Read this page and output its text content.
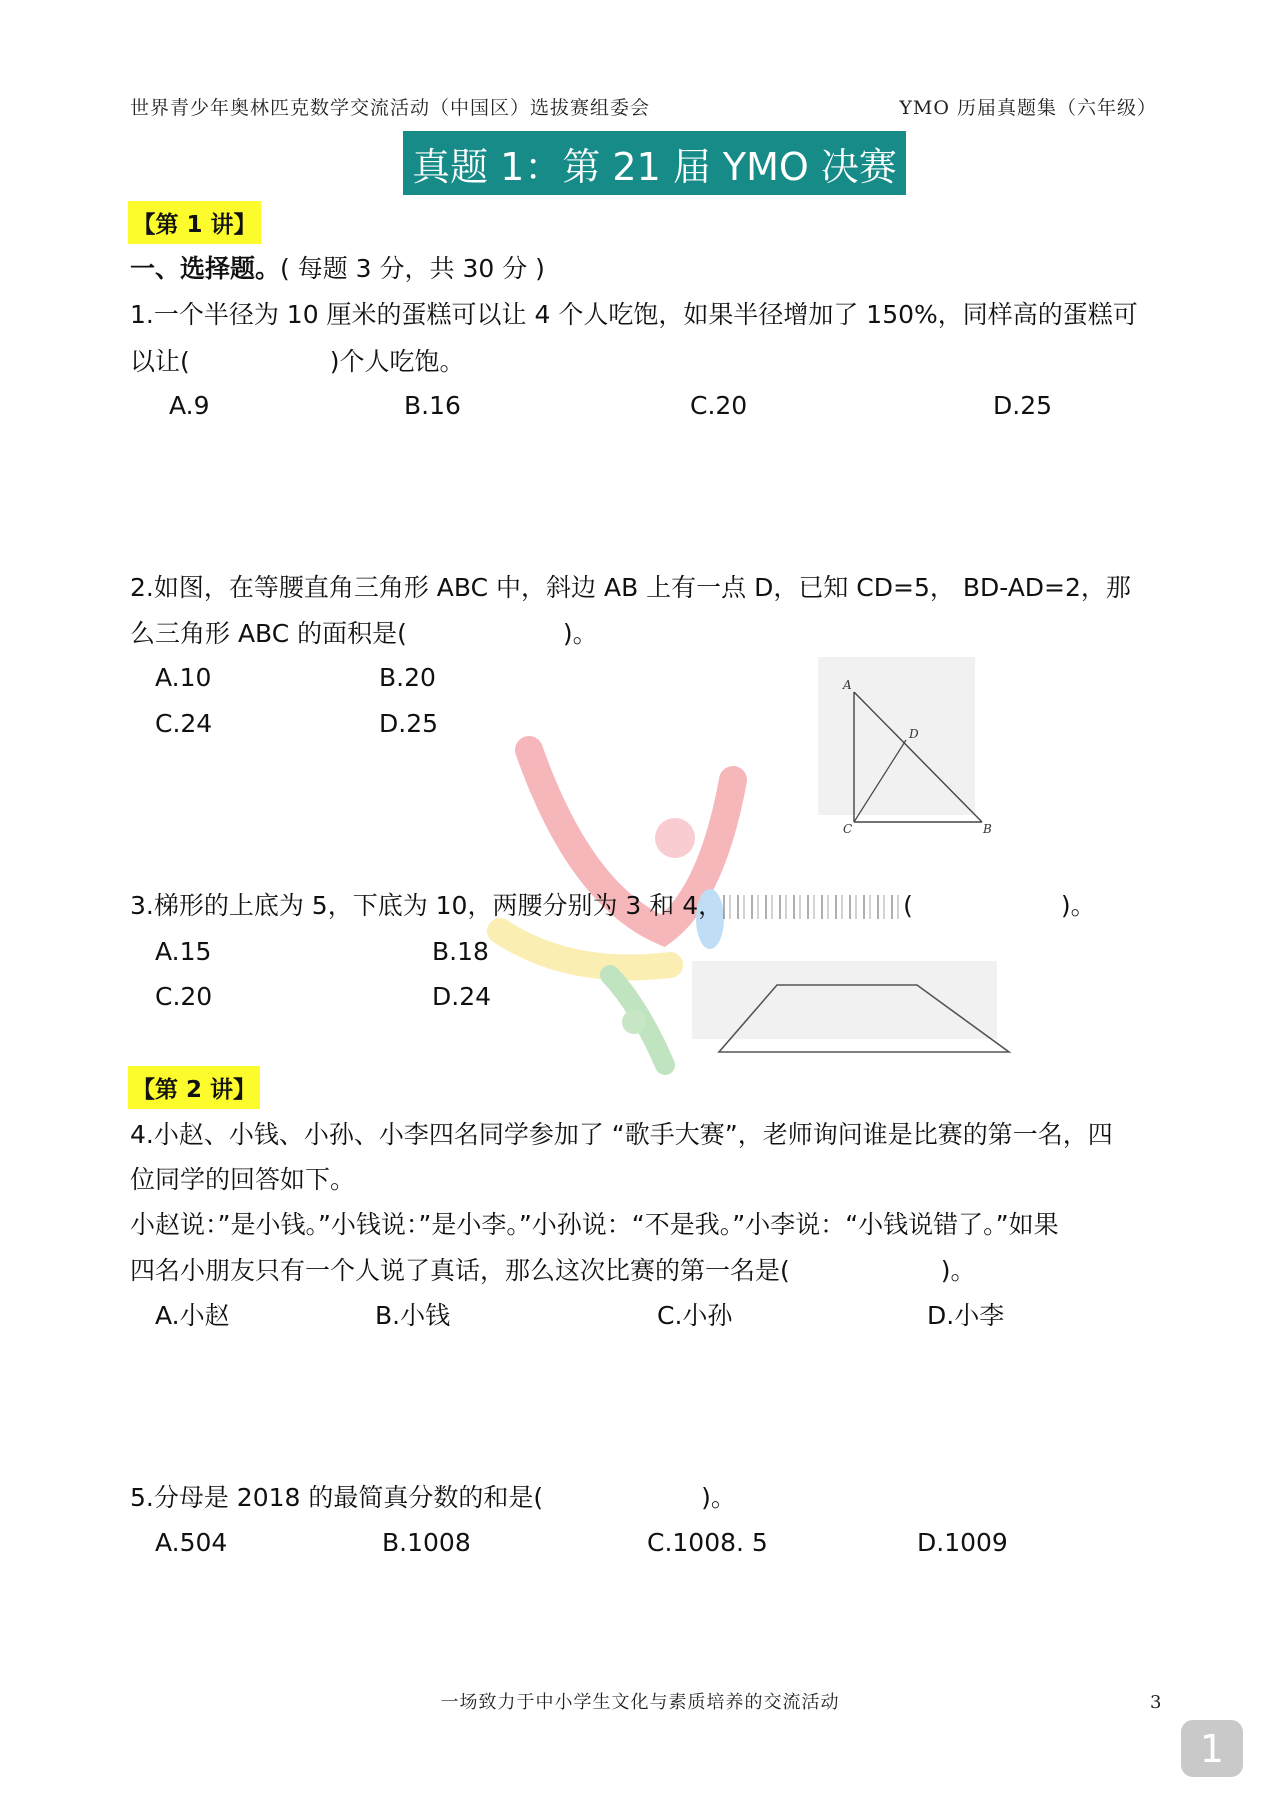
世界青少年奥林匹克数学交流活动（中国区）选拔赛组委会	YMO 历届真题集（六年级）
真题 1：第 21 届 YMO 决赛
【第 1 讲】
一、选择题。( 每题 3 分，共 30 分 )
1.一个半径为 10 厘米的蛋糕可以让 4 个人吃饱，如果半径增加了 150%，同样高的蛋糕可
以让(	)个人吃饱。
A.9	B.16	C.20	D.25
2.如图，在等腰直角三角形 ABC 中，斜边 AB 上有一点 D，已知 CD=5， BD-AD=2，那
么三角形 ABC 的面积是(	)。
A.10	B.20
C.24	D.25

A
D
C	B

3.梯形的上底为 5，下底为 10，两腰分别为 3 和 4，	(	)。
A.15	B.18
C.20	D.24

【第 2 讲】
4.小赵、小钱、小孙、小李四名同学参加了 “歌手大赛”，老师询问谁是比赛的第一名，四
位同学的回答如下。
小赵说：”是小钱。”小钱说：”是小李。”小孙说：“不是我。”小李说：“小钱说错了。”如果
四名小朋友只有一个人说了真话，那么这次比赛的第一名是(	)。
A.小赵	B.小钱	C.小孙	D.小李
5.分母是 2018 的最简真分数的和是(	)。
A.504	B.1008	C.1008. 5	D.1009
一场致力于中小学生文化与素质培养的交流活动	3
1
